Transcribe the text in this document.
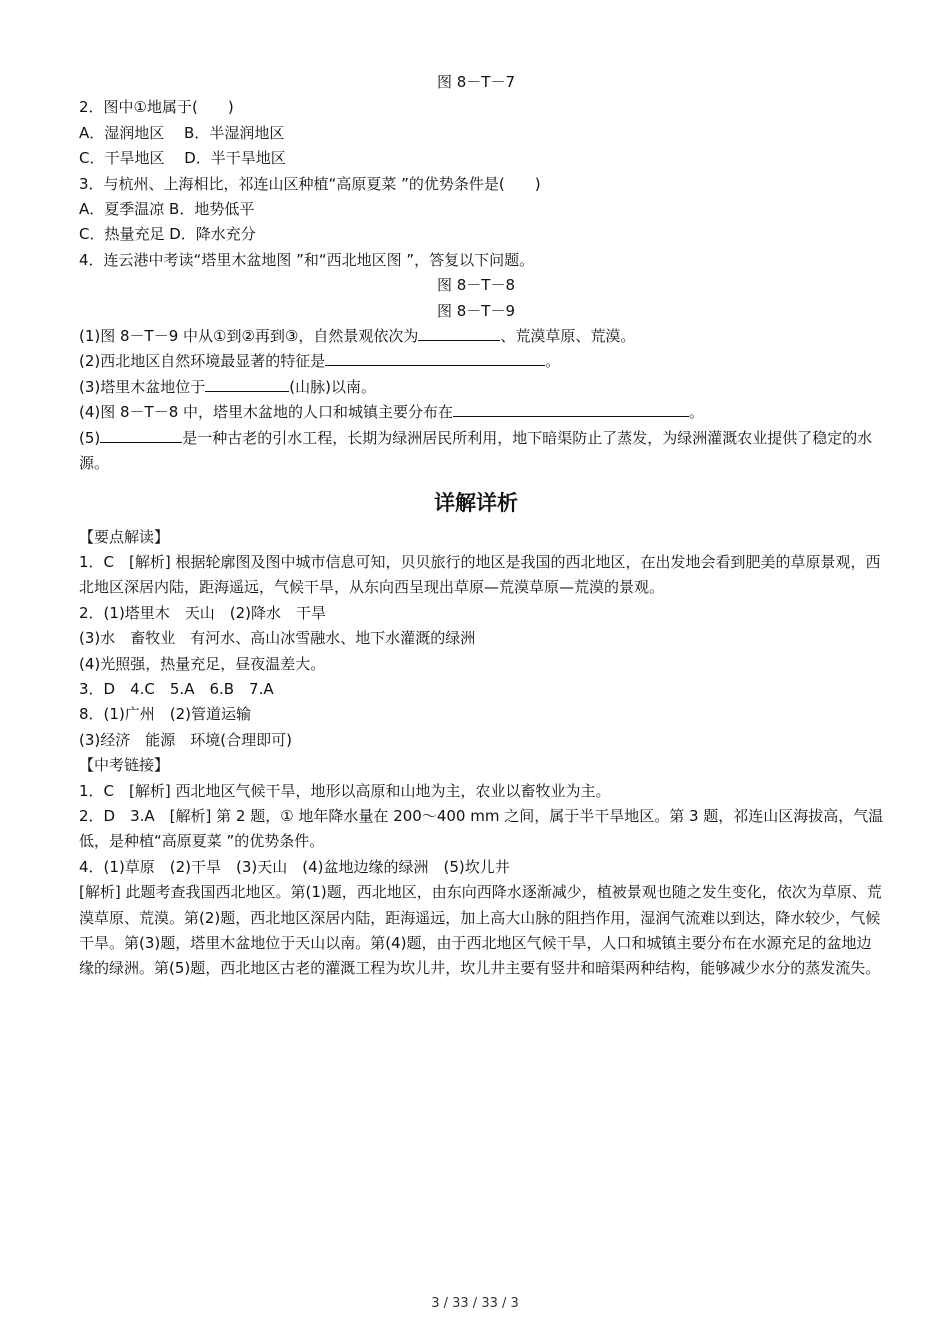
图 8－T－7
2．图中①地属于(　　)
A．湿润地区　 B．半湿润地区
C．干旱地区　 D．半干旱地区
3．与杭州、上海相比，祁连山区种植“高原夏菜 ”的优势条件是(　　)
A．夏季温凉 B．地势低平
C．热量充足 D．降水充分
4．连云港中考读“塔里木盆地图 ”和“西北地区图 ”，答复以下问题。
图 8－T－8
图 8－T－9
(1)图 8－T－9 中从①到②再到③，自然景观依次为	、荒漠草原、荒漠。
(2)西北地区自然环境最显著的特征是	。
(3)塔里木盆地位于	(山脉)以南。
(4)图 8－T－8 中，塔里木盆地的人口和城镇主要分布在	。
(5)	是一种古老的引水工程，长期为绿洲居民所利用，地下暗渠防止了蒸发，为绿洲灌溉农业提供了稳定的水源。
详解详析
【要点解读】
1．C　[解析] 根据轮廓图及图中城市信息可知，贝贝旅行的地区是我国的西北地区，在出发地会看到肥美的草原景观，西北地区深居内陆，距海遥远，气候干旱，从东向西呈现出草原—荒漠草原—荒漠的景观。
2．(1)塔里木　天山　(2)降水　干旱
(3)水　畜牧业　有河水、高山冰雪融水、地下水灌溉的绿洲
(4)光照强，热量充足，昼夜温差大。
3．D　4.C　5.A　6.B　7.A
8．(1)广州　(2)管道运输
(3)经济　能源　环境(合理即可)
【中考链接】
1．C　[解析] 西北地区气候干旱，地形以高原和山地为主，农业以畜牧业为主。
2．D　3.A　[解析] 第 2 题，① 地年降水量在 200～400 mm 之间，属于半干旱地区。第 3 题，祁连山区海拔高，气温低，是种植“高原夏菜 ”的优势条件。
4．(1)草原　(2)干旱　(3)天山　(4)盆地边缘的绿洲　(5)坎儿井
[解析] 此题考查我国西北地区。第(1)题，西北地区，由东向西降水逐渐减少，植被景观也随之发生变化，依次为草原、荒漠草原、荒漠。第(2)题，西北地区深居内陆，距海遥远，加上高大山脉的阻挡作用，湿润气流难以到达，降水较少，气候干旱。第(3)题，塔里木盆地位于天山以南。第(4)题，由于西北地区气候干旱，人口和城镇主要分布在水源充足的盆地边缘的绿洲。第(5)题，西北地区古老的灌溉工程为坎儿井，坎儿井主要有竖井和暗渠两种结构，能够减少水分的蒸发流失。
3 / 33 / 33 / 3
